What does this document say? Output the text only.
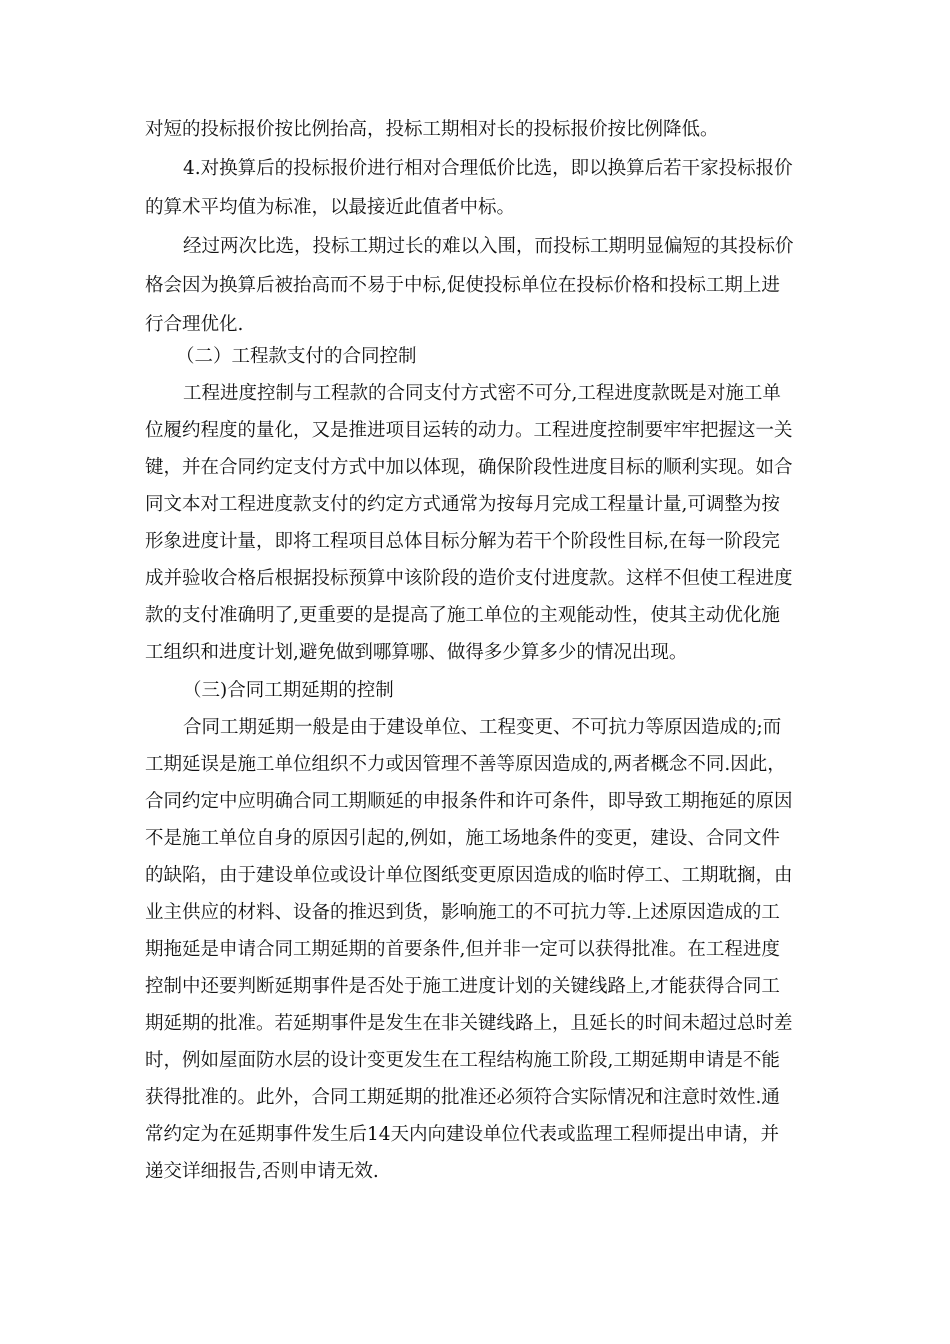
对短的投标报价按比例抬高，投标工期相对长的投标报价按比例降低。

4.对换算后的投标报价进行相对合理低价比选，即以换算后若干家投标报价

的算术平均值为标准，以最接近此值者中标。

经过两次比选，投标工期过长的难以入围，而投标工期明显偏短的其投标价

格会因为换算后被抬高而不易于中标,促使投标单位在投标价格和投标工期上进

行合理优化.

（二）工程款支付的合同控制

工程进度控制与工程款的合同支付方式密不可分,工程进度款既是对施工单

位履约程度的量化，又是推进项目运转的动力。工程进度控制要牢牢把握这一关

键，并在合同约定支付方式中加以体现，确保阶段性进度目标的顺利实现。如合

同文本对工程进度款支付的约定方式通常为按每月完成工程量计量,可调整为按

形象进度计量，即将工程项目总体目标分解为若干个阶段性目标,在每一阶段完

成并验收合格后根据投标预算中该阶段的造价支付进度款。这样不但使工程进度

款的支付准确明了,更重要的是提高了施工单位的主观能动性，使其主动优化施

工组织和进度计划,避免做到哪算哪、做得多少算多少的情况出现。

（三)合同工期延期的控制

合同工期延期一般是由于建设单位、工程变更、不可抗力等原因造成的;而

工期延误是施工单位组织不力或因管理不善等原因造成的,两者概念不同.因此，

合同约定中应明确合同工期顺延的申报条件和许可条件，即导致工期拖延的原因

不是施工单位自身的原因引起的,例如，施工场地条件的变更，建设、合同文件

的缺陷，由于建设单位或设计单位图纸变更原因造成的临时停工、工期耽搁，由

业主供应的材料、设备的推迟到货，影响施工的不可抗力等.上述原因造成的工

期拖延是申请合同工期延期的首要条件,但并非一定可以获得批准。在工程进度

控制中还要判断延期事件是否处于施工进度计划的关键线路上,才能获得合同工

期延期的批准。若延期事件是发生在非关键线路上，且延长的时间未超过总时差

时，例如屋面防水层的设计变更发生在工程结构施工阶段,工期延期申请是不能

获得批准的。此外，合同工期延期的批准还必须符合实际情况和注意时效性.通

常约定为在延期事件发生后14天内向建设单位代表或监理工程师提出申请，并

递交详细报告,否则申请无效.
